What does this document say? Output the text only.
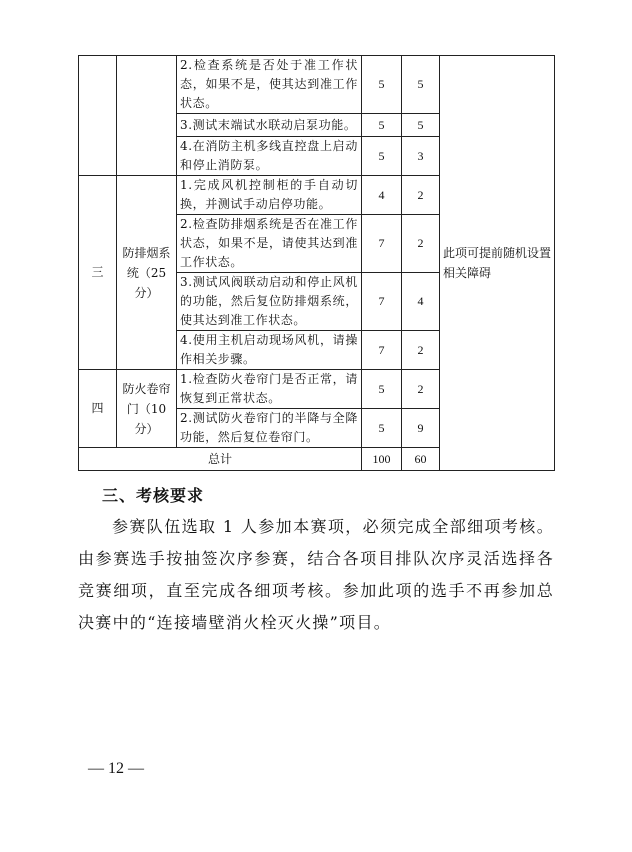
		2.检查系统是否处于准工作状态，如果不是，使其达到准工作状态。	5	5	此项可提前随机设置相关障碍
		3.测试末端试水联动启泵功能。	5	5	
		4.在消防主机多线直控盘上启动和停止消防泵。	5	3	
三	防排烟系统（25分）	1.完成风机控制柜的手自动切换，并测试手动启停功能。	4	2	
		2.检查防排烟系统是否在准工作状态，如果不是，请使其达到准工作状态。	7	2	
		3.测试风阀联动启动和停止风机的功能，然后复位防排烟系统，使其达到准工作状态。	7	4	
		4.使用主机启动现场风机，请操作相关步骤。	7	2	
四	防火卷帘门（10分）	1.检查防火卷帘门是否正常，请恢复到正常状态。	5	2	
		2.测试防火卷帘门的半降与全降功能，然后复位卷帘门。	5	9	
总计			100	60	
三、考核要求

参赛队伍选取 1 人参加本赛项，必须完成全部细项考核。由参赛选手按抽签次序参赛，结合各项目排队次序灵活选择各竞赛细项，直至完成各细项考核。参加此项的选手不再参加总决赛中的“连接墙壁消火栓灭火操”项目。

— 12 —
